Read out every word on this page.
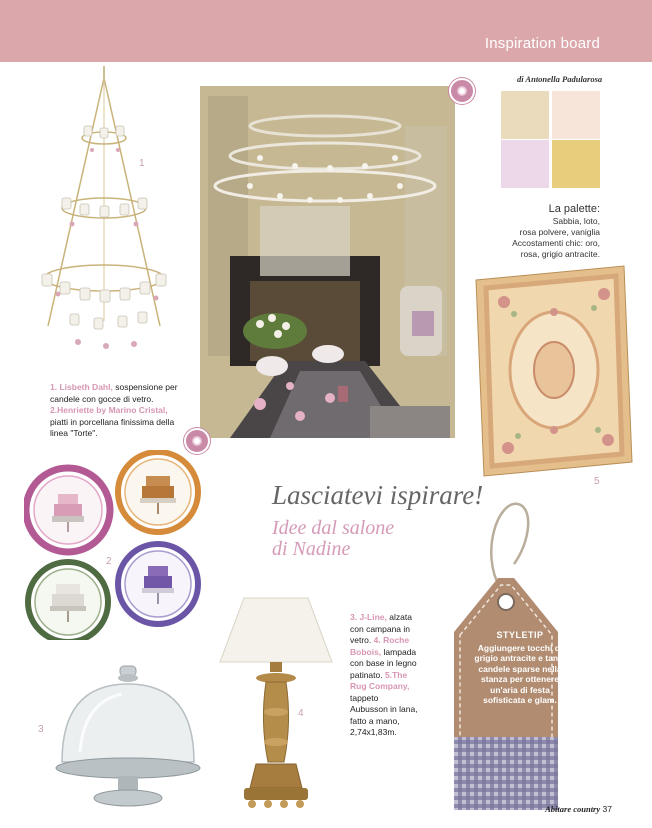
Inspiration board
di Antonella Padularosa
La palette:
Sabbia, loto,
rosa polvere, vaniglia
Accostamenti chic: oro,
rosa, grigio antracite.
1
1. Lisbeth Dahl, sospensione per candele con gocce di vetro. 2.Henriette by Marino Cristal, piatti in porcellana finissima della linea "Torte".
2
3
Lasciatevi ispirare!
Idee dal salone
di Nadine
4
3. J-Line, alzata con campana in vetro. 4. Roche Bobois, lampada con base in legno patinato. 5.The Rug Company, tappeto Aubusson in lana, fatto a mano, 2,74x1,83m.
5
STYLETIP
Aggiungere tocchi di grigio antracite e tante candele sparse nella stanza per ottenere un'aria di festa sofisticata e glam.
Abitare country 37
